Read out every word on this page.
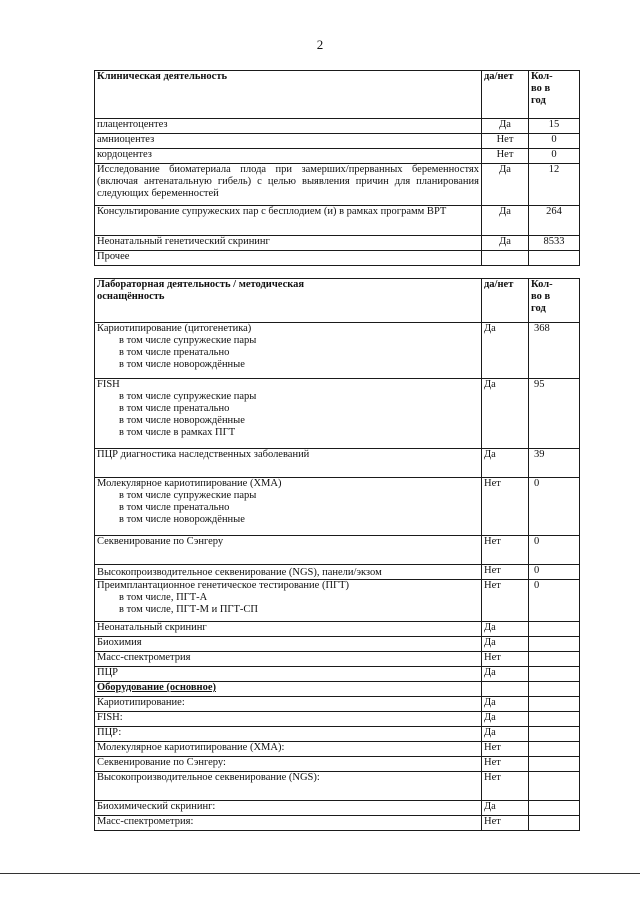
2
Клиническая деятельность	да/нет	Кол-
во в
год
плацентоцентез	Да	15
амниоцентез	Нет	0
кордоцентез	Нет	0
Исследование биоматериала плода при замерших/прерванных беременностях (включая антенатальную гибель) с целью выявления причин для планирования следующих беременностей	Да	12
Консультирование супружеских пар с бесплодием (и) в рамках программ ВРТ	Да	264
Неонатальный генетический скрининг	Да	8533
Прочее		
Лабораторная деятельность / методическая
оснащённость	да/нет	Кол-
во в
год
Кариотипирование (цитогенетика)
в том числе супружеские пары
в том числе пренатально
в том числе новорождённые	Да	368
FISH
в том числе супружеские пары
в том числе пренатально
в том числе новорождённые
в том числе в рамках ПГТ	Да	95
ПЦР диагностика наследственных заболеваний	Да	39
Молекулярное кариотипирование (ХМА)
в том числе супружеские пары
в том числе пренатально
в том числе новорождённые	Нет	0
Секвенирование по Сэнгеру	Нет	0
Высокопроизводительное секвенирование (NGS), панели/экзом	Нет	0
Преимплантационное генетическое тестирование (ПГТ)
в том числе, ПГТ-А
в том числе, ПГТ-М и ПГТ-СП	Нет	0
Неонатальный скрининг	Да	
Биохимия	Да	
Масс-спектрометрия	Нет	
ПЦР	Да	
Оборудование (основное)		
Кариотипирование:	Да	
FISH:	Да	
ПЦР:	Да	
Молекулярное кариотипирование (ХМА):	Нет	
Секвенирование по Сэнгеру:	Нет	
Высокопроизводительное секвенирование (NGS):	Нет	
Биохимический скрининг:	Да	
Масс-спектрометрия:	Нет	
